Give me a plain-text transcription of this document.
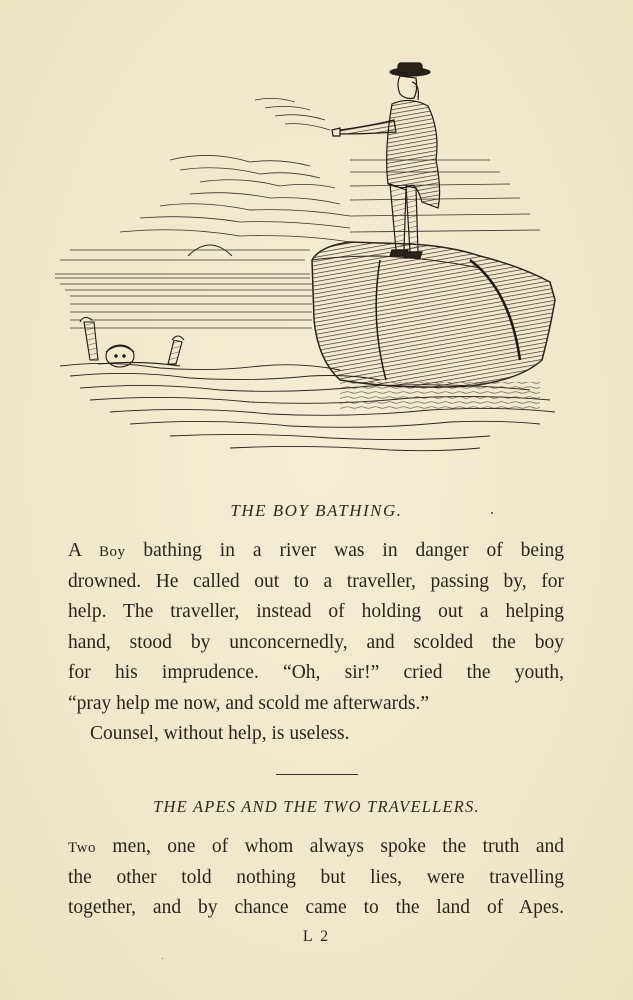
THE BOY BATHING.
A Boy bathing in a river was in danger of being
drowned. He called out to a traveller, passing by, for
help. The traveller, instead of holding out a helping
hand, stood by unconcernedly, and scolded the boy
for his imprudence. “Oh, sir!” cried the youth,
“pray help me now, and scold me afterwards.”
Counsel, without help, is useless.
THE APES AND THE TWO TRAVELLERS.
Two men, one of whom always spoke the truth and
the other told nothing but lies, were travelling
together, and by chance came to the land of Apes.
L 2
